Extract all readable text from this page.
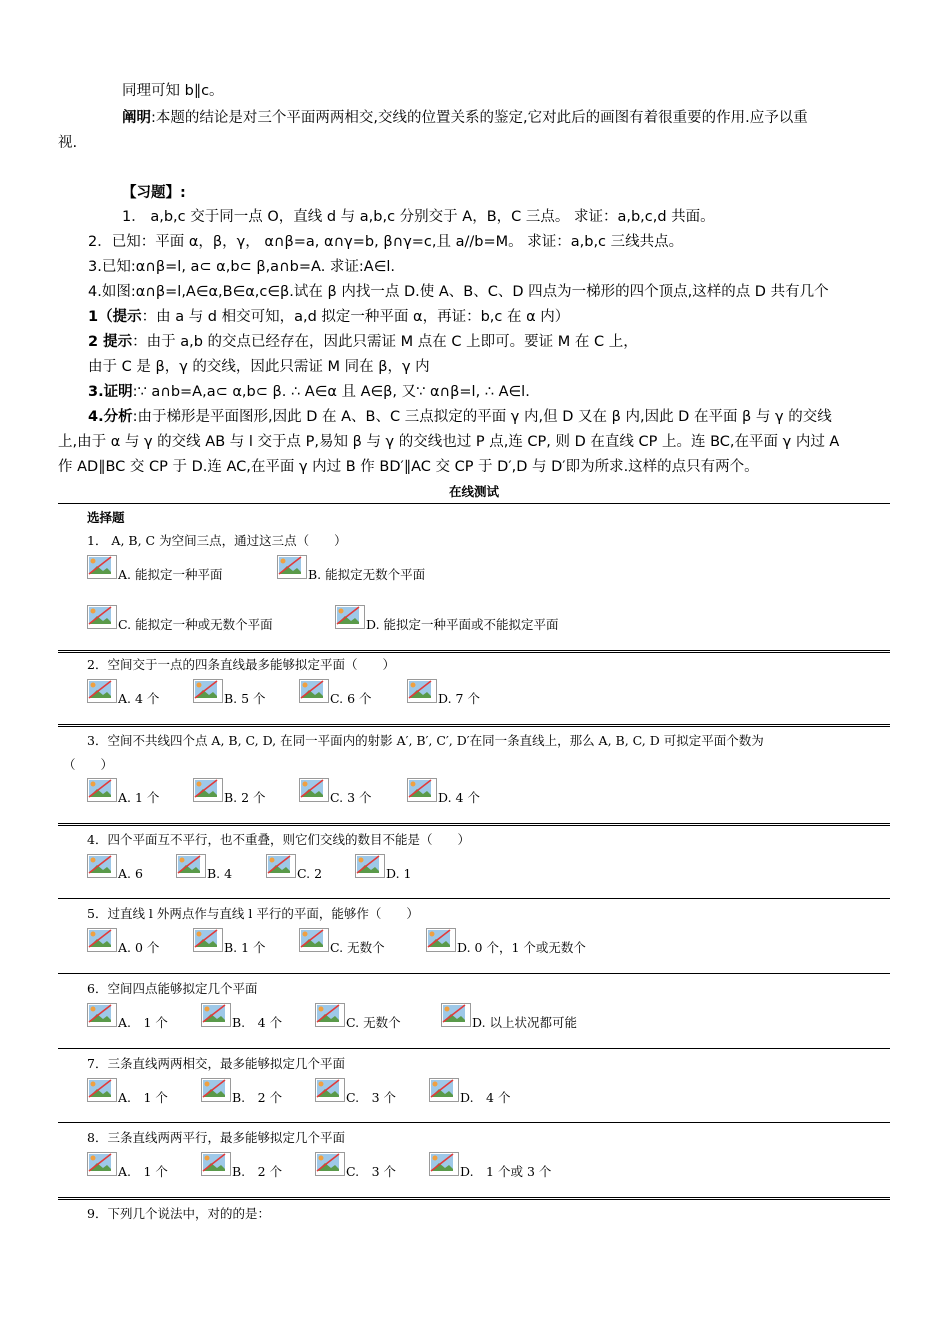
同理可知 b∥c。
阐明:本题的结论是对三个平面两两相交,交线的位置关系的鉴定,它对此后的画图有着很重要的作用.应予以重
视.
【习题】:
1． a,b,c 交于同一点 O，直线 d 与 a,b,c 分别交于 A，B，C 三点。 求证：a,b,c,d 共面。
2．已知：平面 α，β，γ， α∩β=a, α∩γ=b, β∩γ=c,且 a//b=M。 求证：a,b,c 三线共点。
3.已知:α∩β=l, a⊂ α,b⊂ β,a∩b=A. 求证:A∈l.
4.如图:α∩β=l,A∈α,B∈α,c∈β.试在 β 内找一点 D.使 A、B、C、D 四点为一梯形的四个顶点,这样的点 D 共有几个
1（提示：由 a 与 d 相交可知，a,d 拟定一种平面 α，再证：b,c 在 α 内）
2 提示：由于 a,b 的交点已经存在，因此只需证 M 点在 C 上即可。要证 M 在 C 上，
由于 C 是 β，γ 的交线，因此只需证 M 同在 β，γ 内
3.证明:∵ a∩b=A,a⊂ α,b⊂ β. ∴ A∈α 且 A∈β, 又∵ α∩β=l, ∴ A∈l.
4.分析:由于梯形是平面图形,因此 D 在 A、B、C 三点拟定的平面 γ 内,但 D 又在 β 内,因此 D 在平面 β 与 γ 的交线
上,由于 α 与 γ 的交线 AB 与 l 交于点 P,易知 β 与 γ 的交线也过 P 点,连 CP, 则 D 在直线 CP 上。连 BC,在平面 γ 内过 A
作 AD∥BC 交 CP 于 D.连 AC,在平面 γ 内过 B 作 BD′∥AC 交 CP 于 D′,D 与 D′即为所求.这样的点只有两个。
在线测试
选择题
1． A, B, C 为空间三点，通过这三点（　　）
A. 能拟定一种平面	B. 能拟定无数个平面
C. 能拟定一种或无数个平面	D. 能拟定一种平面或不能拟定平面
2．空间交于一点的四条直线最多能够拟定平面（　　）
A. 4 个	B. 5 个	C. 6 个	D. 7 个
3．空间不共线四个点 A, B, C, D, 在同一平面内的射影 A′, B′, C′, D′在同一条直线上，那么 A, B, C, D 可拟定平面个数为
（　　）
A. 1 个	B. 2 个	C. 3 个	D. 4 个
4．四个平面互不平行，也不重叠，则它们交线的数目不能是（　　）
A. 6	B. 4	C. 2	D. 1
5．过直线 l 外两点作与直线 l 平行的平面，能够作（　　）
A. 0 个	B. 1 个	C. 无数个	D. 0 个，1 个或无数个
6．空间四点能够拟定几个平面
A.　1 个	B.　4 个	C. 无数个	D. 以上状况都可能
7．三条直线两两相交，最多能够拟定几个平面
A.　1 个	B.　2 个	C.　3 个	D.　4 个
8．三条直线两两平行，最多能够拟定几个平面
A.　1 个	B.　2 个	C.　3 个	D.　1 个或 3 个
9．下列几个说法中，对的的是：
